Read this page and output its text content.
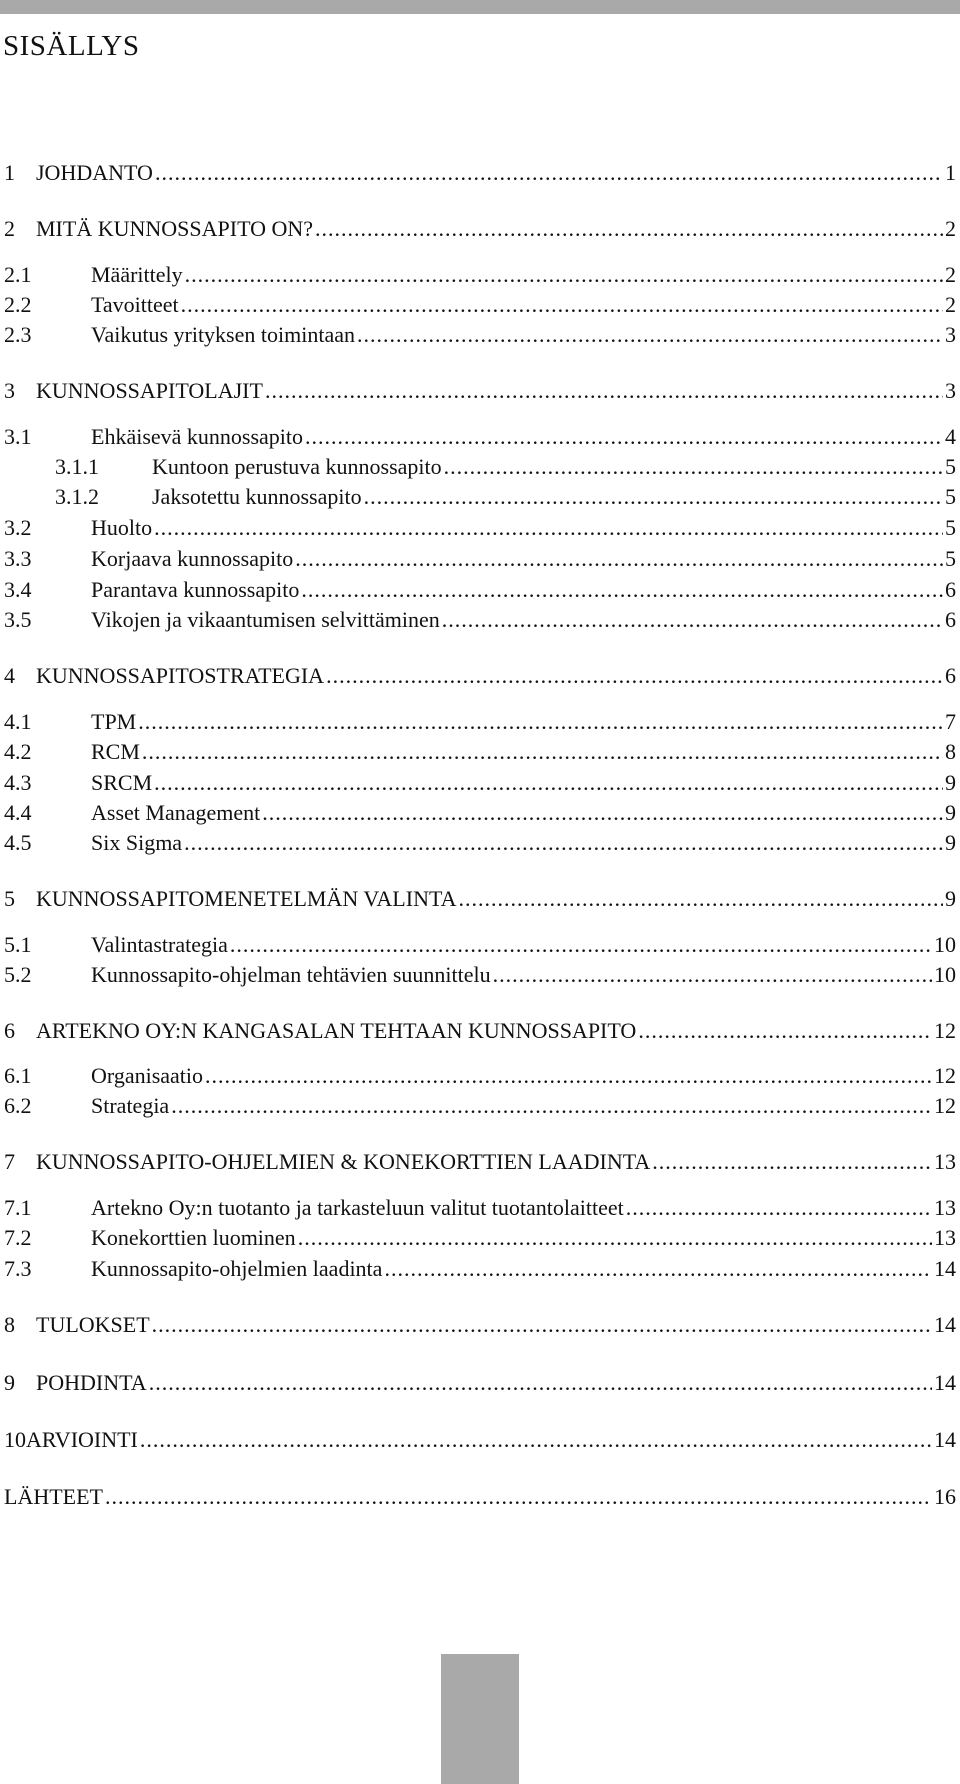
SISÄLLYS
1 JOHDANTO .....	1
2 MITÄ KUNNOSSAPITO ON? .....	2
2.1	Määrittely .....	2
2.2	Tavoitteet .....	2
2.3	Vaikutus yrityksen toimintaan .....	3
3 KUNNOSSAPITOLAJIT .....	3
3.1	Ehkäisevä kunnossapito .....	4
3.1.1	Kuntoon perustuva kunnossapito .....	5
3.1.2	Jaksotettu kunnossapito .....	5
3.2	Huolto .....	5
3.3	Korjaava kunnossapito .....	5
3.4	Parantava kunnossapito .....	6
3.5	Vikojen ja vikaantumisen selvittäminen .....	6
4 KUNNOSSAPITOSTRATEGIA .....	6
4.1	TPM .....	7
4.2	RCM .....	8
4.3	SRCM .....	9
4.4	Asset Management .....	9
4.5	Six Sigma .....	9
5 KUNNOSSAPITOMENETELMÄN VALINTA .....	9
5.1	Valintastrategia .....	10
5.2	Kunnossapito-ohjelman tehtävien suunnittelu .....	10
6 ARTEKNO OY:N KANGASALAN TEHTAAN KUNNOSSAPITO .....	12
6.1	Organisaatio .....	12
6.2	Strategia .....	12
7 KUNNOSSAPITO-OHJELMIEN & KONEKORTTIEN LAADINTA .....	13
7.1	Artekno Oy:n tuotanto ja tarkasteluun valitut tuotantolaitteet .....	13
7.2	Konekorttien luominen .....	13
7.3	Kunnossapito-ohjelmien laadinta .....	14
8 TULOKSET .....	14
9 POHDINTA .....	14
10 ARVIOINTI .....	14
LÄHTEET .....	16
